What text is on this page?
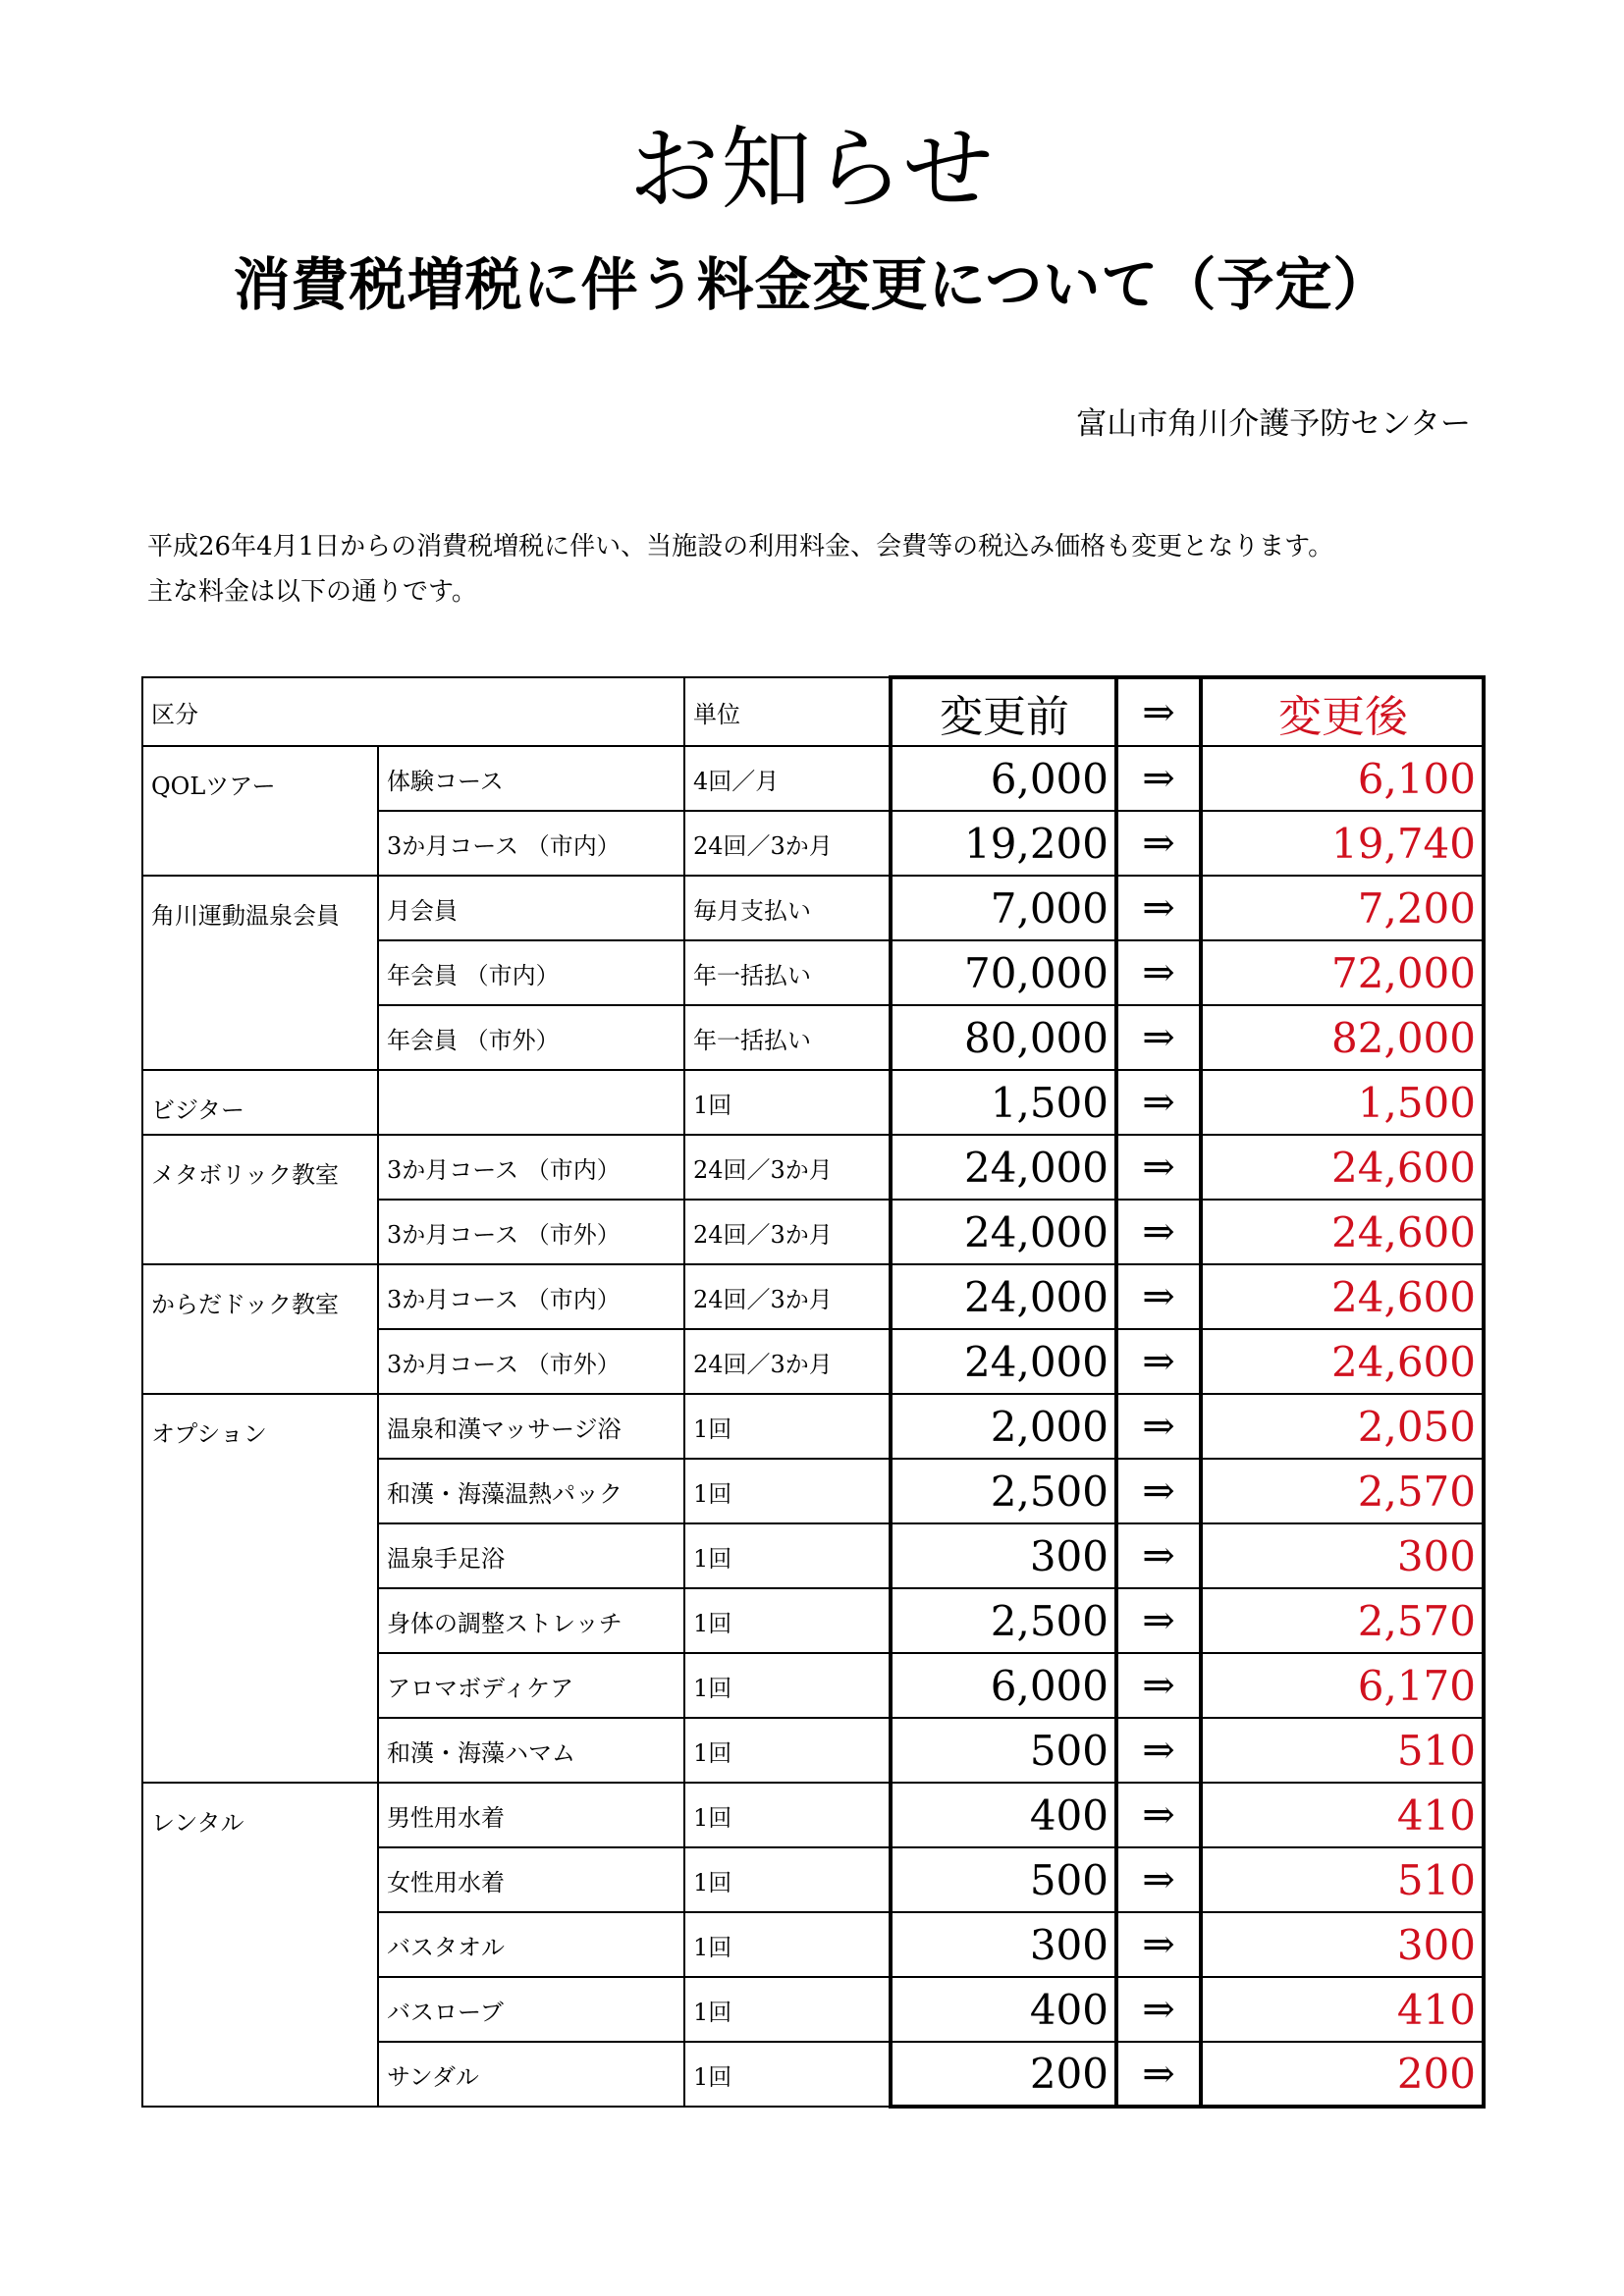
お知らせ
消費税増税に伴う料金変更について（予定）
富山市角川介護予防センター

平成26年4月1日からの消費税増税に伴い、当施設の利用料金、会費等の税込み価格も変更となります。

主な料金は以下の通りです。

区分		単位	変更前	⇒	変更後
QOLツアー	体験コース	4回／月	6,000	⇒	6,100
	3か月コース （市内）	24回／3か月	19,200	⇒	19,740
角川運動温泉会員	月会員	毎月支払い	7,000	⇒	7,200
	年会員 （市内）	年一括払い	70,000	⇒	72,000
	年会員 （市外）	年一括払い	80,000	⇒	82,000
ビジター		1回	1,500	⇒	1,500
メタボリック教室	3か月コース （市内）	24回／3か月	24,000	⇒	24,600
	3か月コース （市外）	24回／3か月	24,000	⇒	24,600
からだドック教室	3か月コース （市内）	24回／3か月	24,000	⇒	24,600
	3か月コース （市外）	24回／3か月	24,000	⇒	24,600
オプション	温泉和漢マッサージ浴	1回	2,000	⇒	2,050
	和漢・海藻温熱パック	1回	2,500	⇒	2,570
	温泉手足浴	1回	300	⇒	300
	身体の調整ストレッチ	1回	2,500	⇒	2,570
	アロマボディケア	1回	6,000	⇒	6,170
	和漢・海藻ハマム	1回	500	⇒	510
レンタル	男性用水着	1回	400	⇒	410
	女性用水着	1回	500	⇒	510
	バスタオル	1回	300	⇒	300
	バスローブ	1回	400	⇒	410
	サンダル	1回	200	⇒	200
